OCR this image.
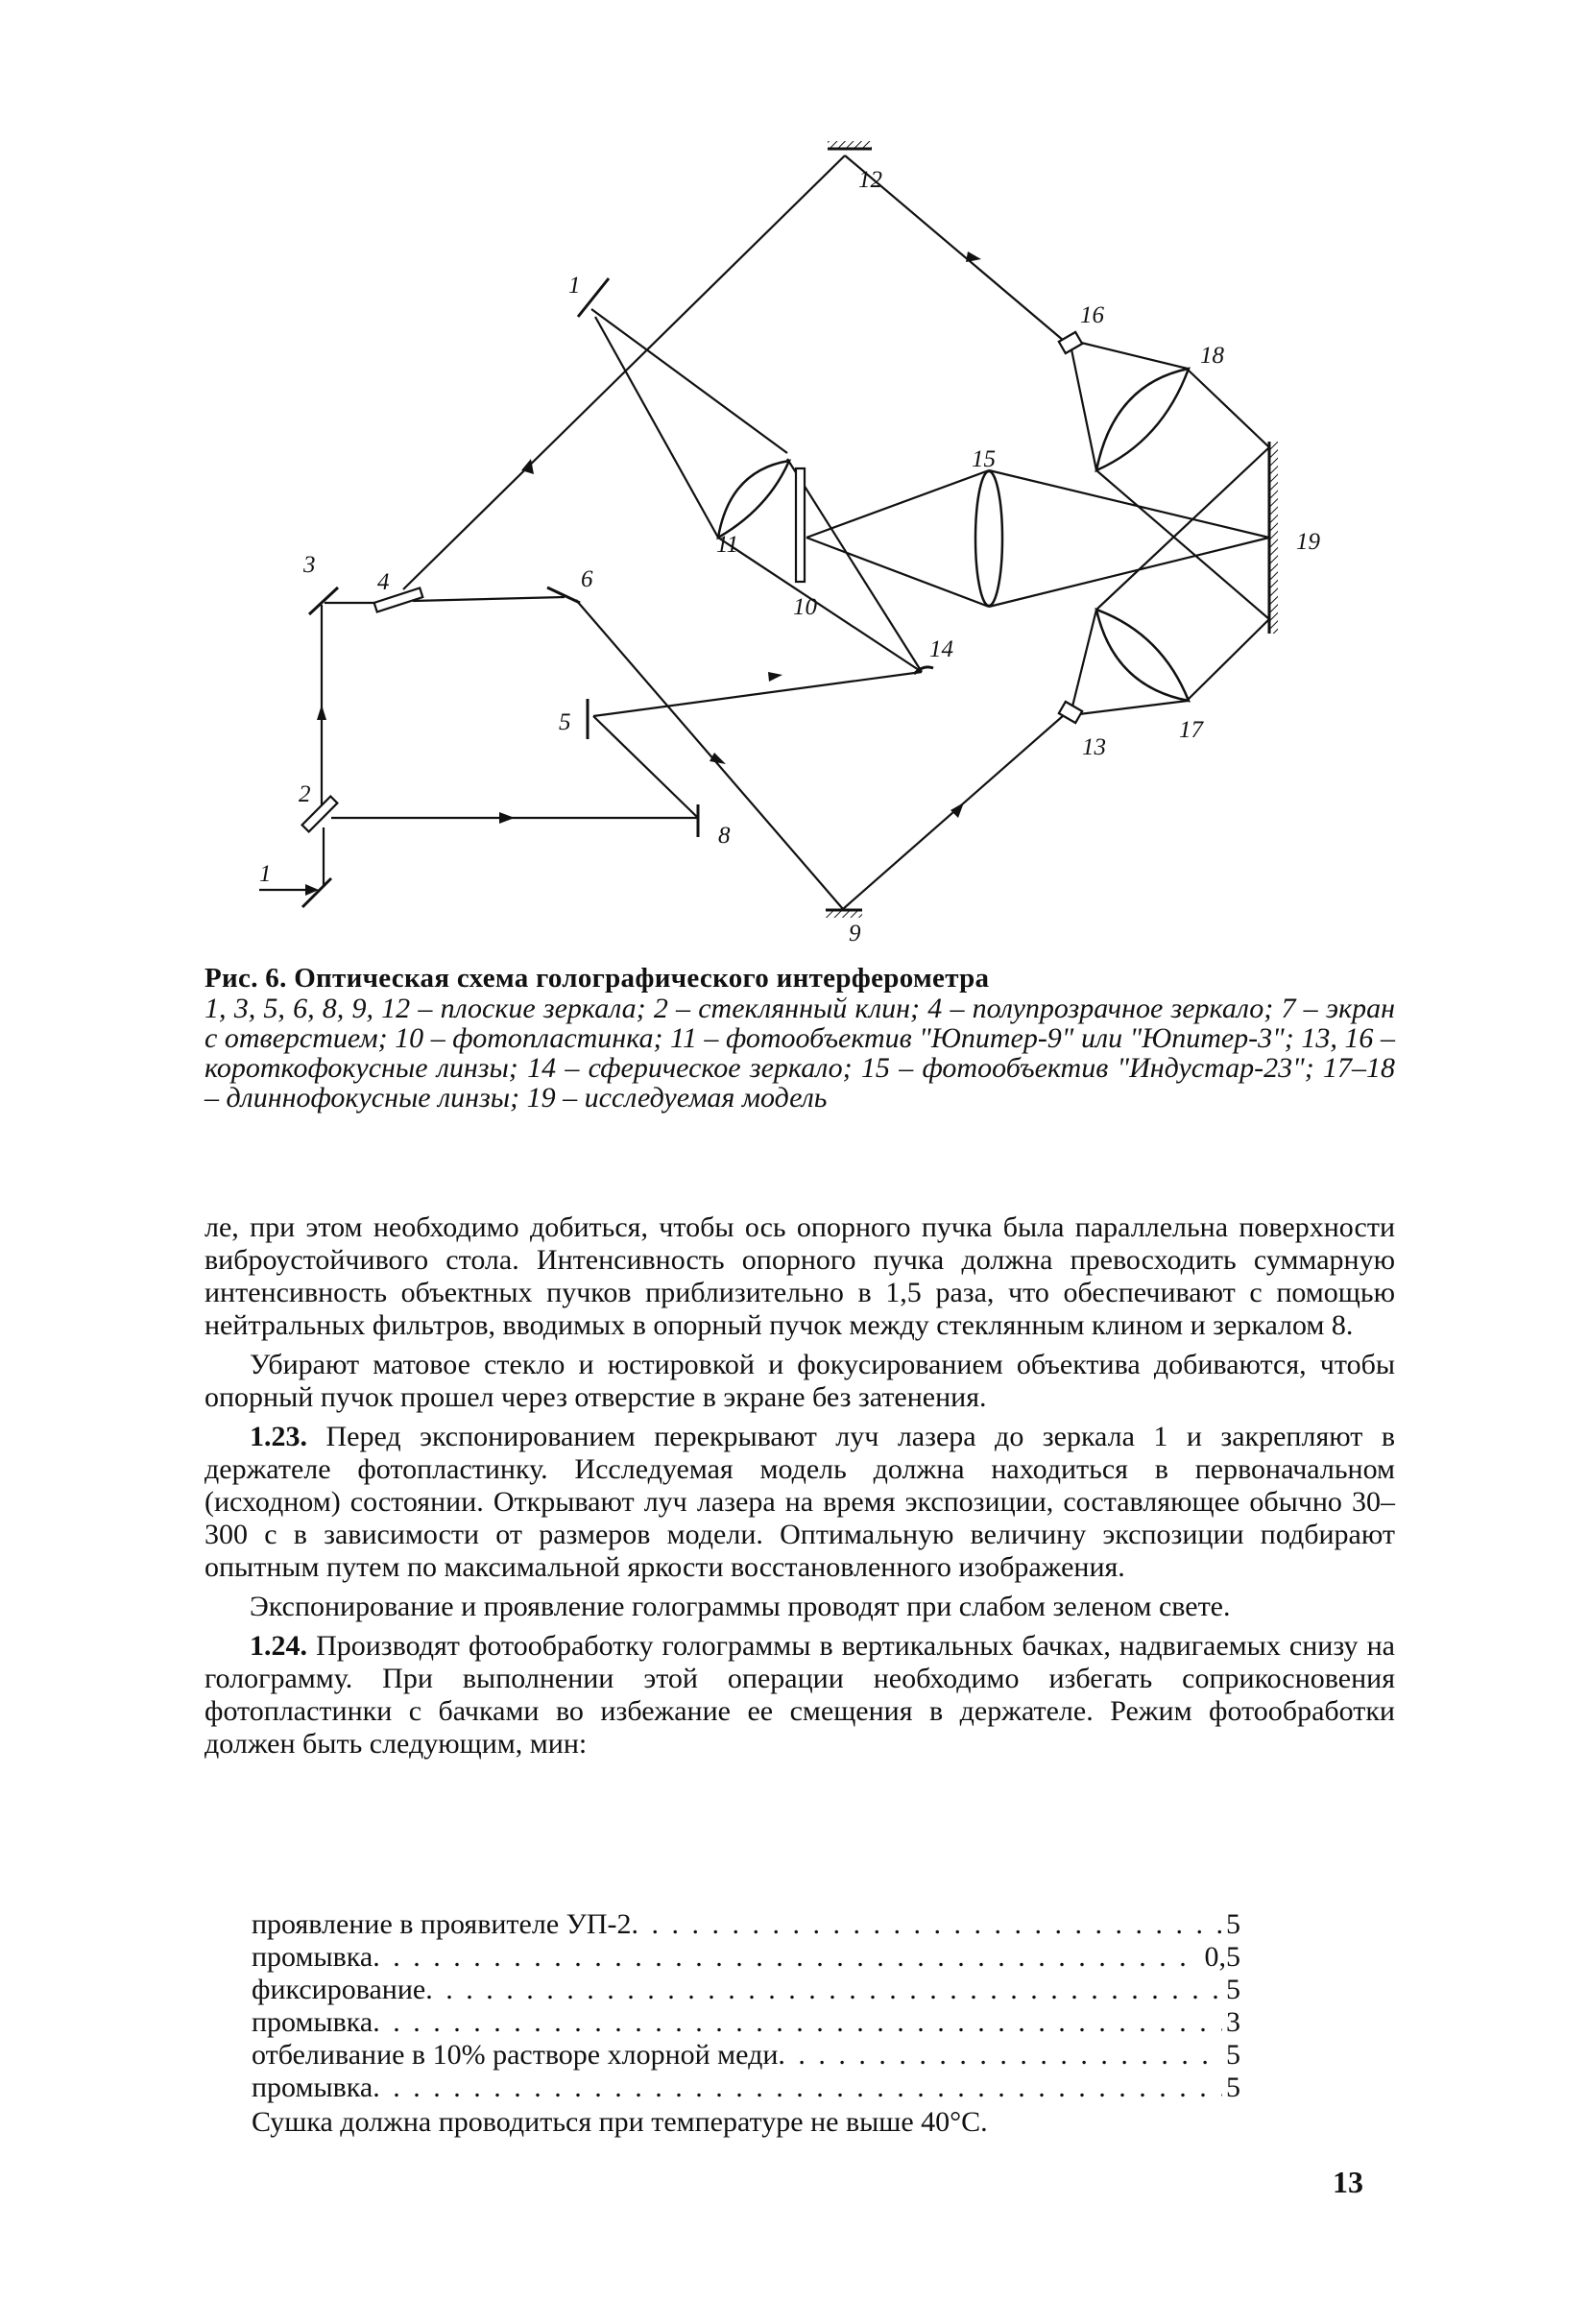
1
2
3
4
5
6
8
9
10
11
12
13
14
15
16
17
18
19
1
Рис. 6. Оптическая схема голографического интерферометра

1, 3, 5, 6, 8, 9, 12 – плоские зеркала; 2 – стеклянный клин; 4 – полупрозрачное зеркало; 7 – экран с отверстием; 10 – фотопластинка; 11 – фотообъектив "Юпитер-9" или "Юпитер-3"; 13, 16 – короткофокусные линзы; 14 – сферическое зеркало; 15 – фотообъектив "Индустар-23"; 17–18 – длиннофокусные линзы; 19 – исследуемая модель

ле, при этом необходимо добиться, чтобы ось опорного пучка была параллельна поверхности виброустойчивого стола. Интенсивность опорного пучка должна превосходить суммарную интенсивность объектных пучков приблизительно в 1,5 раза, что обеспечивают с помощью нейтральных фильтров, вводимых в опорный пучок между стеклянным клином и зеркалом 8.

Убирают матовое стекло и юстировкой и фокусированием объектива добиваются, чтобы опорный пучок прошел через отверстие в экране без затенения.

1.23. Перед экспонированием перекрывают луч лазера до зеркала 1 и закрепляют в держателе фотопластинку. Исследуемая модель должна находиться в первоначальном (исходном) состоянии. Открывают луч лазера на время экспозиции, составляющее обычно 30–300 с в зависимости от размеров модели. Оптимальную величину экспозиции подбирают опытным путем по максимальной яркости восстановленного изображения.

Экспонирование и проявление голограммы проводят при слабом зеленом свете.

1.24. Производят фотообработку голограммы в вертикальных бачках, надвигаемых снизу на голограмму. При выполнении этой операции необходимо избегать соприкосновения фотопластинки с бачками во избежание ее смещения в держателе. Режим фотообработки должен быть следующим, мин:

проявление в проявителе УП-2 . . .	5
промывка . . .	0,5
фиксирование . . .	5
промывка . . .	3
отбеливание в 10% растворе хлорной меди . . .	5
промывка . . .	5
Сушка должна проводиться при температуре не выше 40°С.
13
